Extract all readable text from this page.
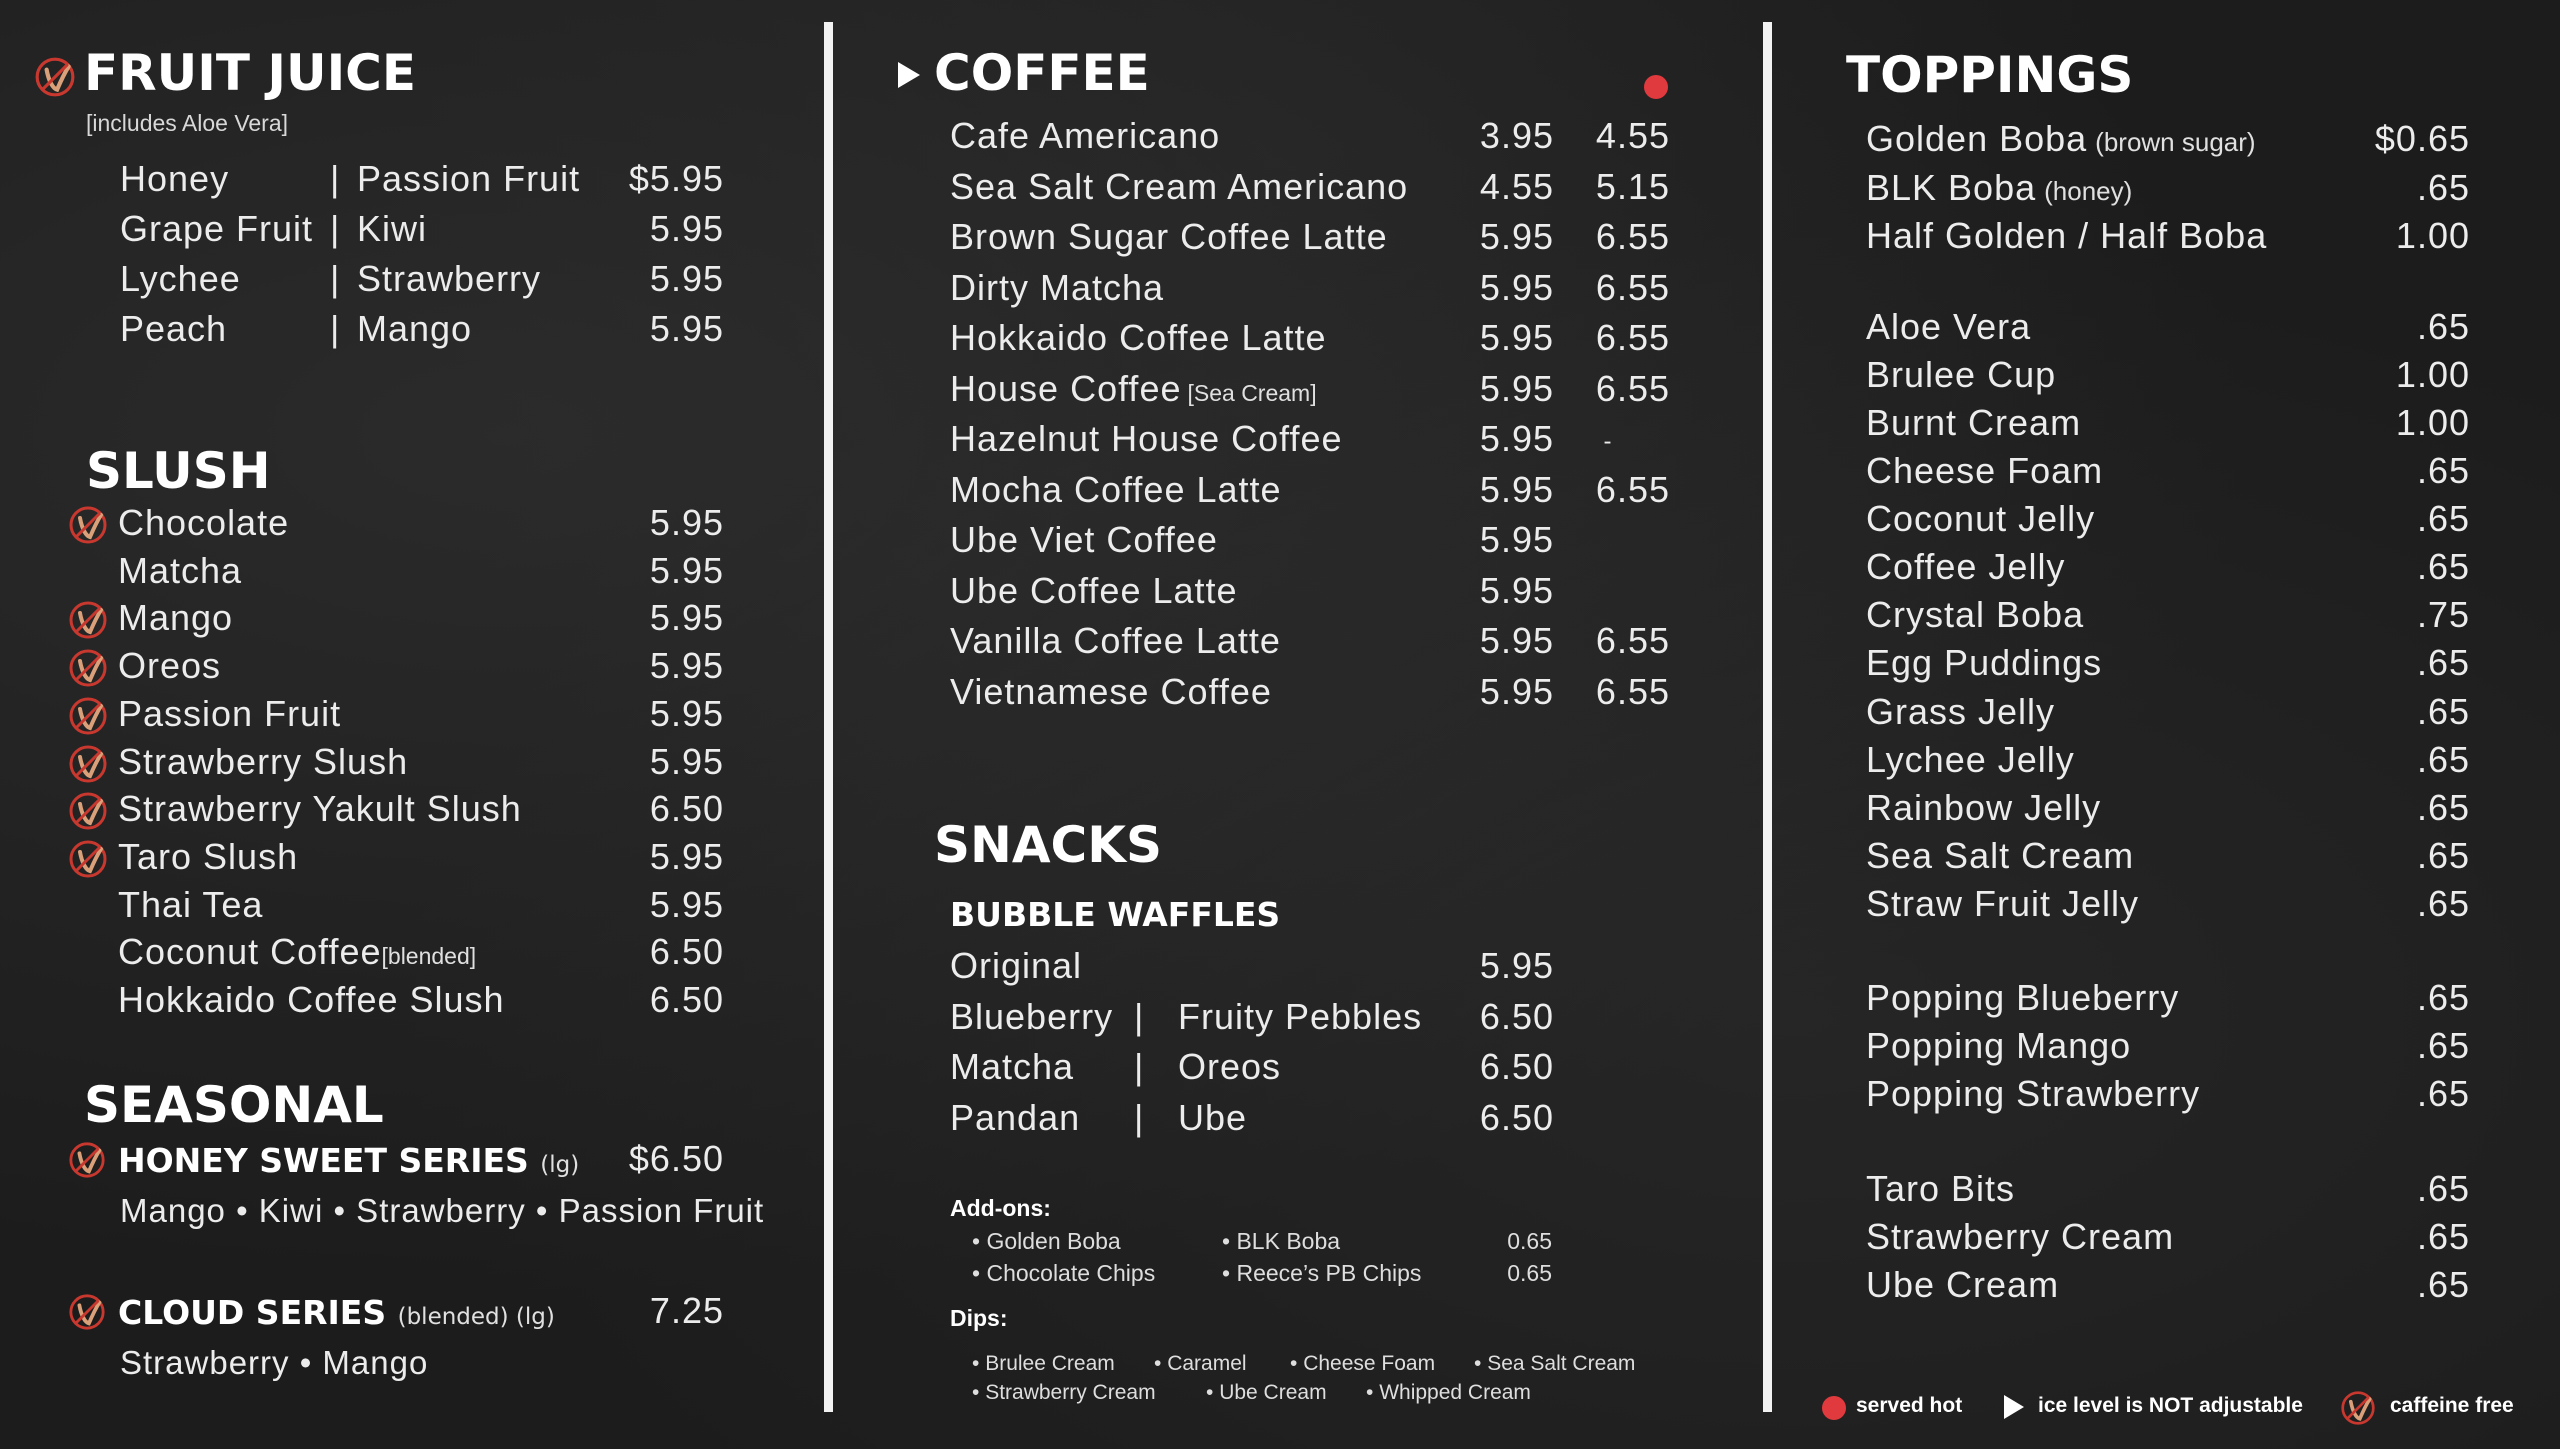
FRUIT JUICE
[includes Aloe Vera]
Honey	| Passion Fruit	$5.95
Grape Fruit | Kiwi	5.95
Lychee | Strawberry	5.95
Peach	| Mango	5.95
SLUSH
Chocolate	5.95
Matcha	5.95
Mango	5.95
Oreos	5.95
Passion Fruit	5.95
Strawberry Slush	5.95
Strawberry Yakult Slush	6.50
Taro Slush	5.95
Thai Tea	5.95
Coconut Coffee[blended]	6.50
Hokkaido Coffee Slush	6.50
SEASONAL
HONEY SWEET SERIES (lg)	$6.50
Mango • Kiwi • Strawberry • Passion Fruit
CLOUD SERIES (blended) (lg)	7.25
Strawberry • Mango
COFFEE
Cafe Americano	3.95	4.55
Sea Salt Cream Americano	4.55	5.15
Brown Sugar Coffee Latte	5.95	6.55
Dirty Matcha	5.95	6.55
Hokkaido Coffee Latte	5.95	6.55
House Coffee [Sea Cream]	5.95	6.55
Hazelnut House Coffee	5.95	-
Mocha Coffee Latte	5.95	6.55
Ube Viet Coffee	5.95
Ube Coffee Latte	5.95
Vanilla Coffee Latte	5.95	6.55
Vietnamese Coffee	5.95	6.55
SNACKS
BUBBLE WAFFLES
Original	5.95
Blueberry | Fruity Pebbles	6.50
Matcha | Oreos	6.50
Pandan | Ube	6.50
Add-ons:
• Golden Boba	• BLK Boba	0.65
• Chocolate Chips	• Reece’s PB Chips	0.65
Dips:
• Brulee Cream	• Caramel	• Cheese Foam	• Sea Salt Cream
• Strawberry Cream	• Ube Cream	• Whipped Cream
TOPPINGS
Golden Boba (brown sugar)	$0.65
BLK Boba (honey)	.65
Half Golden / Half Boba	1.00
Aloe Vera	.65
Brulee Cup	1.00
Burnt Cream	1.00
Cheese Foam	.65
Coconut Jelly	.65
Coffee Jelly	.65
Crystal Boba	.75
Egg Puddings	.65
Grass Jelly	.65
Lychee Jelly	.65
Rainbow Jelly	.65
Sea Salt Cream	.65
Straw Fruit Jelly	.65
Popping Blueberry	.65
Popping Mango	.65
Popping Strawberry	.65
Taro Bits	.65
Strawberry Cream	.65
Ube Cream	.65
served hot	ice level is NOT adjustable	caffeine free
